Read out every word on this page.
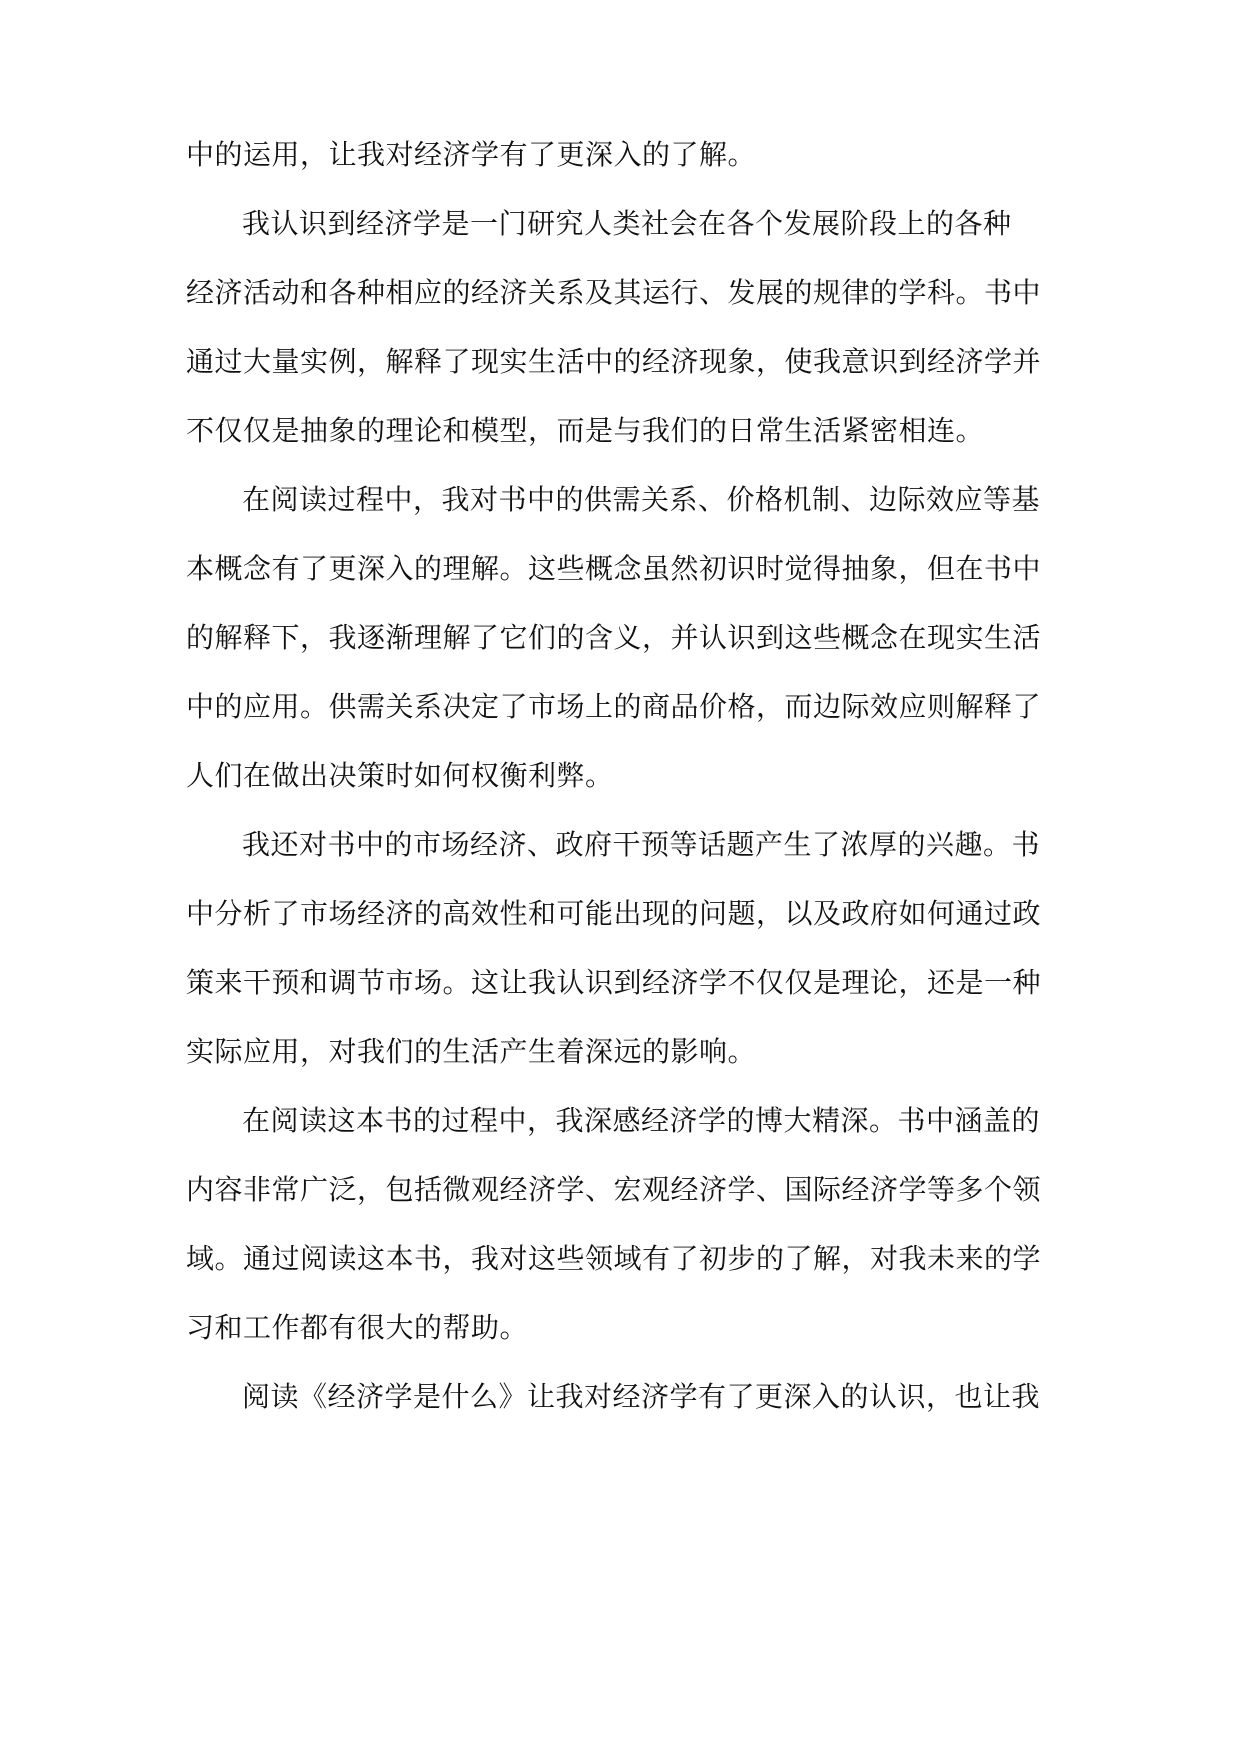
中的运用，让我对经济学有了更深入的了解。
我认识到经济学是一门研究人类社会在各个发展阶段上的各种
经济活动和各种相应的经济关系及其运行、发展的规律的学科。书中
通过大量实例，解释了现实生活中的经济现象，使我意识到经济学并
不仅仅是抽象的理论和模型，而是与我们的日常生活紧密相连。
在阅读过程中，我对书中的供需关系、价格机制、边际效应等基
本概念有了更深入的理解。这些概念虽然初识时觉得抽象，但在书中
的解释下，我逐渐理解了它们的含义，并认识到这些概念在现实生活
中的应用。供需关系决定了市场上的商品价格，而边际效应则解释了
人们在做出决策时如何权衡利弊。
我还对书中的市场经济、政府干预等话题产生了浓厚的兴趣。书
中分析了市场经济的高效性和可能出现的问题，以及政府如何通过政
策来干预和调节市场。这让我认识到经济学不仅仅是理论，还是一种
实际应用，对我们的生活产生着深远的影响。
在阅读这本书的过程中，我深感经济学的博大精深。书中涵盖的
内容非常广泛，包括微观经济学、宏观经济学、国际经济学等多个领
域。通过阅读这本书，我对这些领域有了初步的了解，对我未来的学
习和工作都有很大的帮助。
阅读《经济学是什么》让我对经济学有了更深入的认识，也让我
